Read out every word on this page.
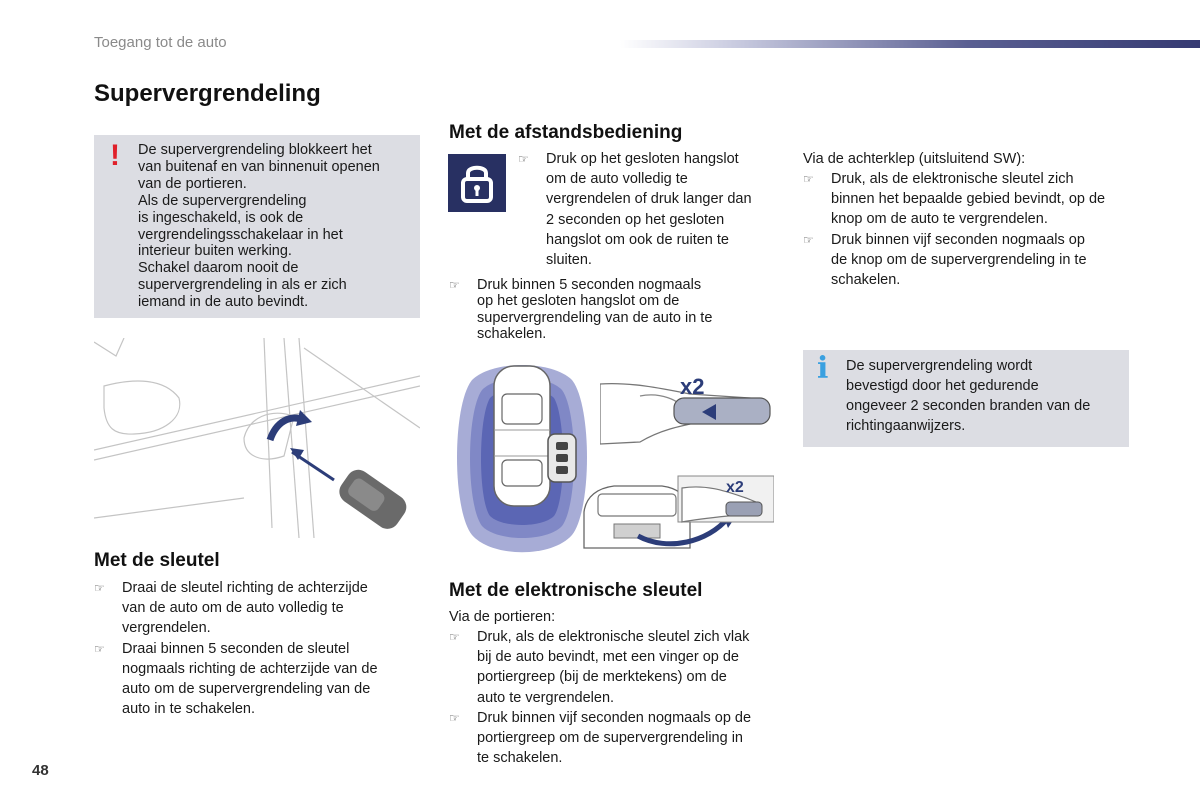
Toegang tot de auto
Supervergrendeling
! De supervergrendeling blokkeert het

van buitenaf en van binnenuit openen

van de portieren.

Als de supervergrendeling

is ingeschakeld, is ook de

vergrendelingsschakelaar in het

interieur buiten werking.

Schakel daarom nooit de

supervergrendeling in als er zich

iemand in de auto bevindt.

Met de sleutel
☞ Draai de sleutel richting de achterzijde

van de auto om de auto volledig te

vergrendelen.

☞ Draai binnen 5 seconden de sleutel

nogmaals richting de achterzijde van de

auto om de supervergrendeling van de

auto in te schakelen.

Met de afstandsbediening
☞ Druk op het gesloten hangslot

om de auto volledig te

vergrendelen of druk langer dan

2 seconden op het gesloten

hangslot om ook de ruiten te

sluiten.

☞ Druk binnen 5 seconden nogmaals

op het gesloten hangslot om de

supervergrendeling van de auto in te

schakelen.

x2
x2
Met de elektronische sleutel
Via de portieren:
☞ Druk, als de elektronische sleutel zich vlak

bij de auto bevindt, met een vinger op de

portiergreep (bij de merktekens) om de

auto te vergrendelen.

☞ Druk binnen vijf seconden nogmaals op de

portiergreep om de supervergrendeling in

te schakelen.

Via de achterklep (uitsluitend SW):
☞ Druk, als de elektronische sleutel zich

binnen het bepaalde gebied bevindt, op de

knop om de auto te vergrendelen.

☞ Druk binnen vijf seconden nogmaals op

de knop om de supervergrendeling in te

schakelen.

i De supervergrendeling wordt

bevestigd door het gedurende

ongeveer 2 seconden branden van de

richtingaanwijzers.

48
